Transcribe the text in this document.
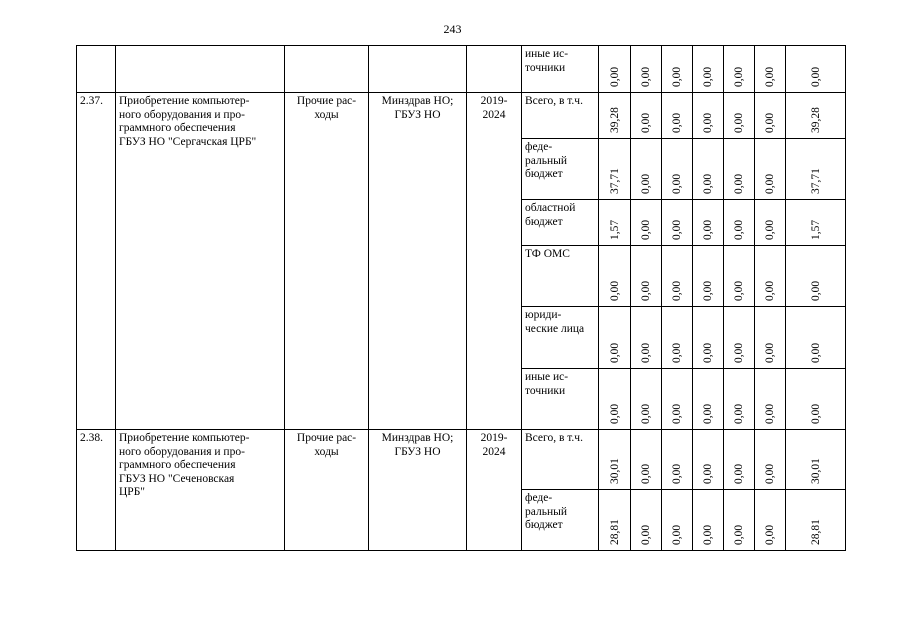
243
					иные ис-
точники	0,00	0,00	0,00	0,00	0,00	0,00	0,00

2.37.	Приобретение компьютер-
ного оборудования и про-
граммного обеспечения
ГБУЗ НО "Сергачская ЦРБ"	Прочие рас-
ходы	Минздрав НО;
ГБУЗ НО	2019-
2024	Всего, в т.ч.	39,28	0,00	0,00	0,00	0,00	0,00	39,28

					феде-
ральный
бюджет	37,71	0,00	0,00	0,00	0,00	0,00	37,71

					областной
бюджет	1,57	0,00	0,00	0,00	0,00	0,00	1,57

					ТФ ОМС	0,00	0,00	0,00	0,00	0,00	0,00	0,00

					юриди-
ческие лица	0,00	0,00	0,00	0,00	0,00	0,00	0,00

					иные ис-
точники	0,00	0,00	0,00	0,00	0,00	0,00	0,00

2.38.	Приобретение компьютер-
ного оборудования и про-
граммного обеспечения
ГБУЗ НО "Сеченовская
ЦРБ"	Прочие рас-
ходы	Минздрав НО;
ГБУЗ НО	2019-
2024	Всего, в т.ч.	30,01	0,00	0,00	0,00	0,00	0,00	30,01

					феде-
ральный
бюджет	28,81	0,00	0,00	0,00	0,00	0,00	28,81
